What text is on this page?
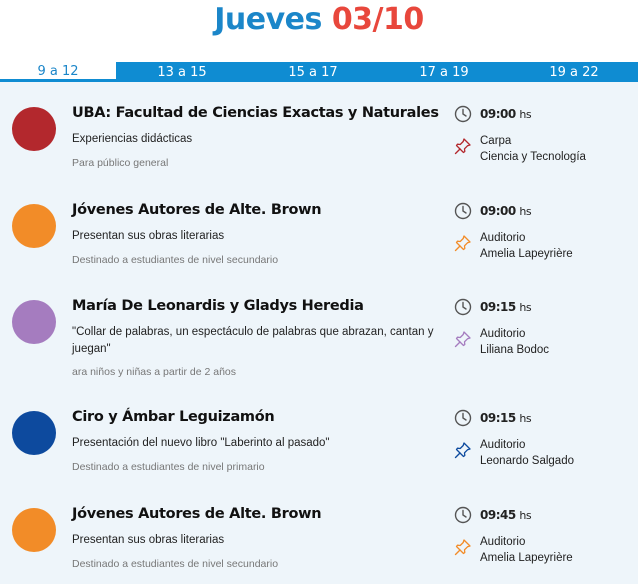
Jueves 03/10
9 a 12	13 a 15	15 a 17	17 a 19	19 a 22
UBA: Facultad de Ciencias Exactas y Naturales
Experiencias didácticas
Para público general
09:00 hs
Carpa
Ciencia y Tecnología
Jóvenes Autores de Alte. Brown
Presentan sus obras literarias
Destinado a estudiantes de nivel secundario
09:00 hs
Auditorio
Amelia Lapeyrière
María De Leonardis y Gladys Heredia
"Collar de palabras, un espectáculo de palabras que abrazan, cantan y juegan"
ara niños y niñas a partir de 2 años
09:15 hs
Auditorio
Liliana Bodoc
Ciro y Ámbar Leguizamón
Presentación del nuevo libro "Laberinto al pasado"
Destinado a estudiantes de nivel primario
09:15 hs
Auditorio
Leonardo Salgado
Jóvenes Autores de Alte. Brown
Presentan sus obras literarias
Destinado a estudiantes de nivel secundario
09:45 hs
Auditorio
Amelia Lapeyrière
